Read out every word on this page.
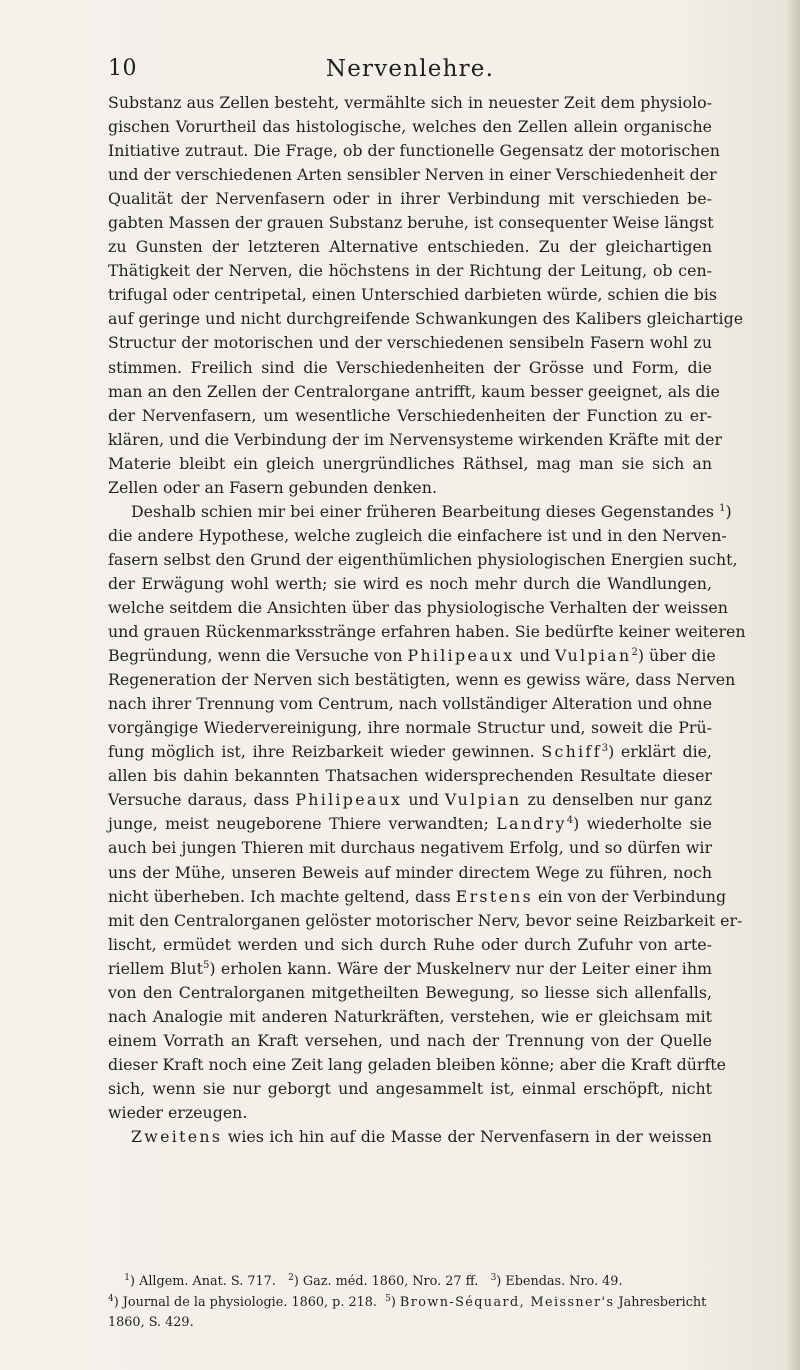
10	Nervenlehre.
Substanz aus Zellen besteht, vermählte sich in neuester Zeit dem physiolo-
gischen Vorurtheil das histologische, welches den Zellen allein organische
Initiative zutraut. Die Frage, ob der functionelle Gegensatz der motorischen
und der verschiedenen Arten sensibler Nerven in einer Verschiedenheit der
Qualität der Nervenfasern oder in ihrer Verbindung mit verschieden be-
gabten Massen der grauen Substanz beruhe, ist consequenter Weise längst
zu Gunsten der letzteren Alternative entschieden. Zu der gleichartigen
Thätigkeit der Nerven, die höchstens in der Richtung der Leitung, ob cen-
trifugal oder centripetal, einen Unterschied darbieten würde, schien die bis
auf geringe und nicht durchgreifende Schwankungen des Kalibers gleichartige
Structur der motorischen und der verschiedenen sensibeln Fasern wohl zu
stimmen. Freilich sind die Verschiedenheiten der Grösse und Form, die
man an den Zellen der Centralorgane antrifft, kaum besser geeignet, als die
der Nervenfasern, um wesentliche Verschiedenheiten der Function zu er-
klären, und die Verbindung der im Nervensysteme wirkenden Kräfte mit der
Materie bleibt ein gleich unergründliches Räthsel, mag man sie sich an
Zellen oder an Fasern gebunden denken.
Deshalb schien mir bei einer früheren Bearbeitung dieses Gegenstandes $^1$)
die andere Hypothese, welche zugleich die einfachere ist und in den Nerven-
fasern selbst den Grund der eigenthümlichen physiologischen Energien sucht,
der Erwägung wohl werth; sie wird es noch mehr durch die Wandlungen,
welche seitdem die Ansichten über das physiologische Verhalten der weissen
und grauen Rückenmarksstränge erfahren haben. Sie bedürfte keiner weiteren
Begründung, wenn die Versuche von Philipeaux und Vulpian$^2$) über die
Regeneration der Nerven sich bestätigten, wenn es gewiss wäre, dass Nerven
nach ihrer Trennung vom Centrum, nach vollständiger Alteration und ohne
vorgängige Wiedervereinigung, ihre normale Structur und, soweit die Prü-
fung möglich ist, ihre Reizbarkeit wieder gewinnen. Schiff$^3$) erklärt die,
allen bis dahin bekannten Thatsachen widersprechenden Resultate dieser
Versuche daraus, dass Philipeaux und Vulpian zu denselben nur ganz
junge, meist neugeborene Thiere verwandten; Landry$^4$) wiederholte sie
auch bei jungen Thieren mit durchaus negativem Erfolg, und so dürfen wir
uns der Mühe, unseren Beweis auf minder directem Wege zu führen, noch
nicht überheben. Ich machte geltend, dass Erstens ein von der Verbindung
mit den Centralorganen gelöster motorischer Nerv, bevor seine Reizbarkeit er-
lischt, ermüdet werden und sich durch Ruhe oder durch Zufuhr von arte-
riellem Blut$^5$) erholen kann. Wäre der Muskelnerv nur der Leiter einer ihm
von den Centralorganen mitgetheilten Bewegung, so liesse sich allenfalls,
nach Analogie mit anderen Naturkräften, verstehen, wie er gleichsam mit
einem Vorrath an Kraft versehen, und nach der Trennung von der Quelle
dieser Kraft noch eine Zeit lang geladen bleiben könne; aber die Kraft dürfte
sich, wenn sie nur geborgt und angesammelt ist, einmal erschöpft, nicht
wieder erzeugen.
Zweitens wies ich hin auf die Masse der Nervenfasern in der weissen
$^1$) Allgem. Anat. S. 717. $^2$) Gaz. méd. 1860, Nro. 27 ff. $^3$) Ebendas. Nro. 49.
$^4$) Journal de la physiologie. 1860, p. 218. $^5$) Brown-Séquard, Meissner's Jahresbericht
1860, S. 429.
